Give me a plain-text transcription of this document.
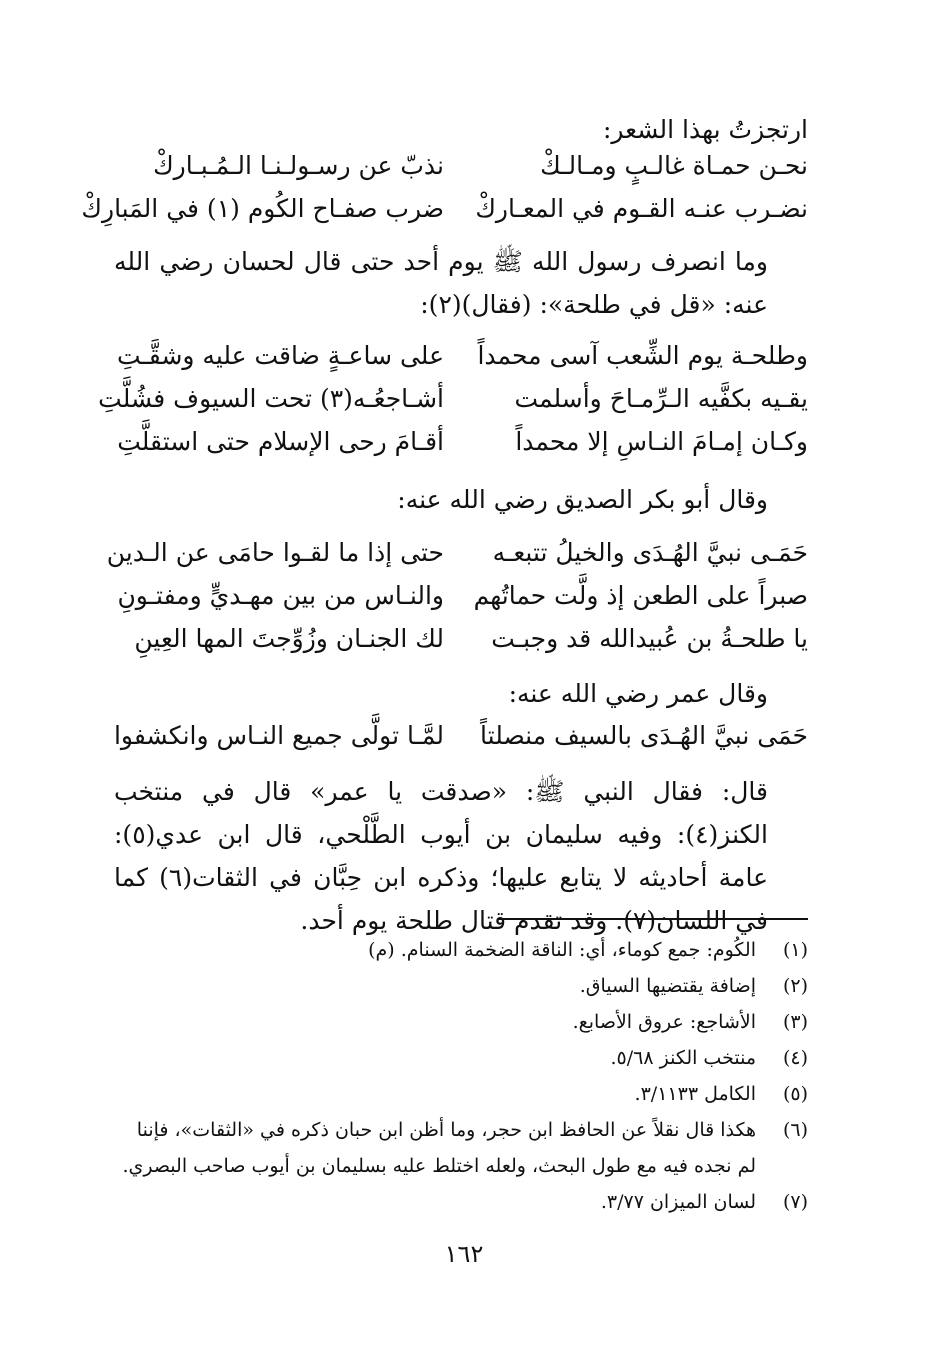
ارتجزتُ بهذا الشعر:
نحـن حمـاة غالـبٍ ومـالـكْ
نذبّ عن رسـولـنـا الـمُـبـاركْ
نضـرب عنـه القـوم في المعـاركْ
ضرب صفـاح الكُوم (١) في المَبارِكْ
وما انصرف رسول الله ﷺ يوم أحد حتى قال لحسان رضي الله عنه: «قل في طلحة»: (فقال)(٢):
وطلحـة يوم الشِّعب آسى محمداً
على ساعـةٍ ضاقت عليه وشقَّـتِ
يقـيه بكفَّيه الـرِّمـاحَ وأسلمت
أشـاجعُـه(٣) تحت السيوف فشُلَّتِ
وكـان إمـامَ النـاسِ إلا محمداً
أقـامَ رحى الإسلام حتى استقلَّتِ
وقال أبو بكر الصديق رضي الله عنه:
حَمَـى نبيَّ الهُـدَى والخيلُ تتبعـه
حتى إذا ما لقـوا حامَى عن الـدين
صبراً على الطعن إذ ولَّت حماتُهم
والنـاس من بين مهـديٍّ ومفتـونِ
يا طلحـةُ بن عُبيدالله قد وجبـت
لك الجنـان وزُوِّجتَ المها العِينِ
وقال عمر رضي الله عنه:
حَمَى نبيَّ الهُـدَى بالسيف منصلتاً
لمَّـا تولَّى جميع النـاس وانكشفوا
قال: فقال النبي ﷺ: «صدقت يا عمر» قال في منتخب الكنز(٤): وفيه سليمان بن أيوب الطَّلْحي، قال ابن عدي(٥): عامة أحاديثه لا يتابع عليها؛ وذكره ابن حِبَّان في الثقات(٦) كما في اللسان(٧). وقد تقدم قتال طلحة يوم أحد.
(١)
الكُوم: جمع كوماء، أي: الناقة الضخمة السنام. (م)
(٢)
إضافة يقتضيها السياق.
(٣)
الأشاجع: عروق الأصابع.
(٤)
منتخب الكنز ٥/٦٨.
(٥)
الكامل ٣/١١٣٣.
(٦)
هكذا قال نقلاً عن الحافظ ابن حجر، وما أظن ابن حبان ذكره في «الثقات»، فإننا لم نجده فيه مع طول البحث، ولعله اختلط عليه بسليمان بن أيوب صاحب البصري.
(٧)
لسان الميزان ٣/٧٧.
١٦٢
